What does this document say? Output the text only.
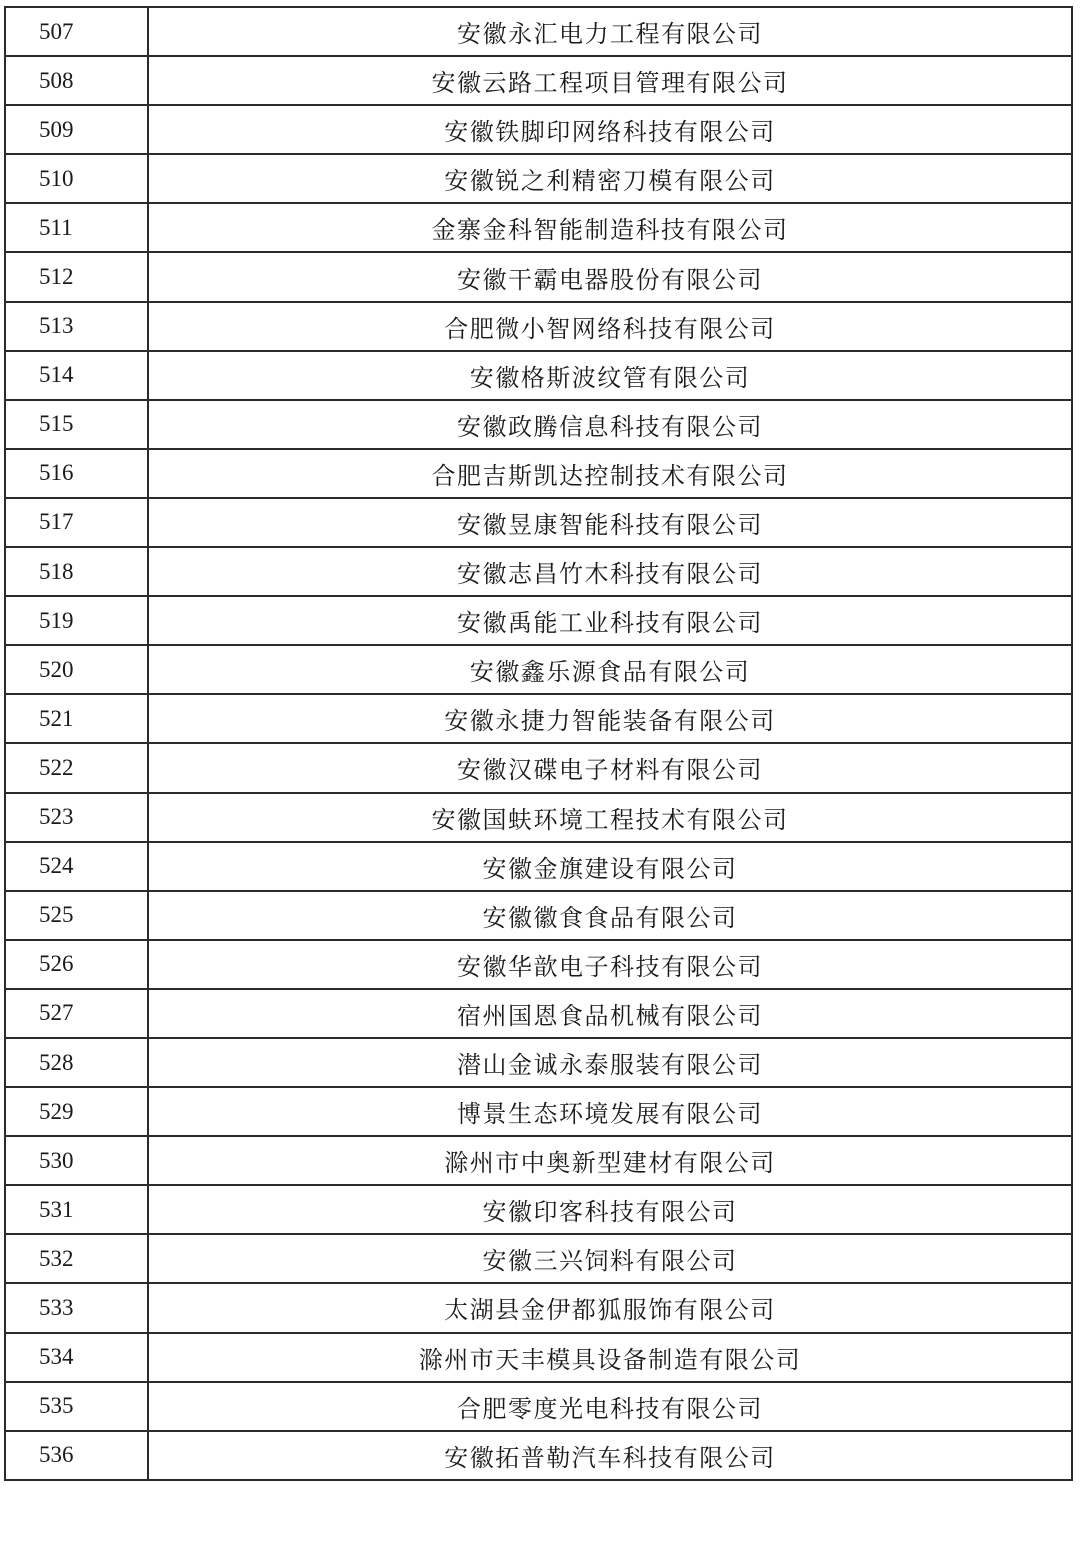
507	安徽永汇电力工程有限公司
508	安徽云路工程项目管理有限公司
509	安徽铁脚印网络科技有限公司
510	安徽锐之利精密刀模有限公司
511	金寨金科智能制造科技有限公司
512	安徽干霸电器股份有限公司
513	合肥微小智网络科技有限公司
514	安徽格斯波纹管有限公司
515	安徽政腾信息科技有限公司
516	合肥吉斯凯达控制技术有限公司
517	安徽昱康智能科技有限公司
518	安徽志昌竹木科技有限公司
519	安徽禹能工业科技有限公司
520	安徽鑫乐源食品有限公司
521	安徽永捷力智能装备有限公司
522	安徽汉碟电子材料有限公司
523	安徽国蚨环境工程技术有限公司
524	安徽金旗建设有限公司
525	安徽徽食食品有限公司
526	安徽华歆电子科技有限公司
527	宿州国恩食品机械有限公司
528	潜山金诚永泰服装有限公司
529	博景生态环境发展有限公司
530	滁州市中奥新型建材有限公司
531	安徽印客科技有限公司
532	安徽三兴饲料有限公司
533	太湖县金伊都狐服饰有限公司
534	滁州市天丰模具设备制造有限公司
535	合肥零度光电科技有限公司
536	安徽拓普勒汽车科技有限公司
